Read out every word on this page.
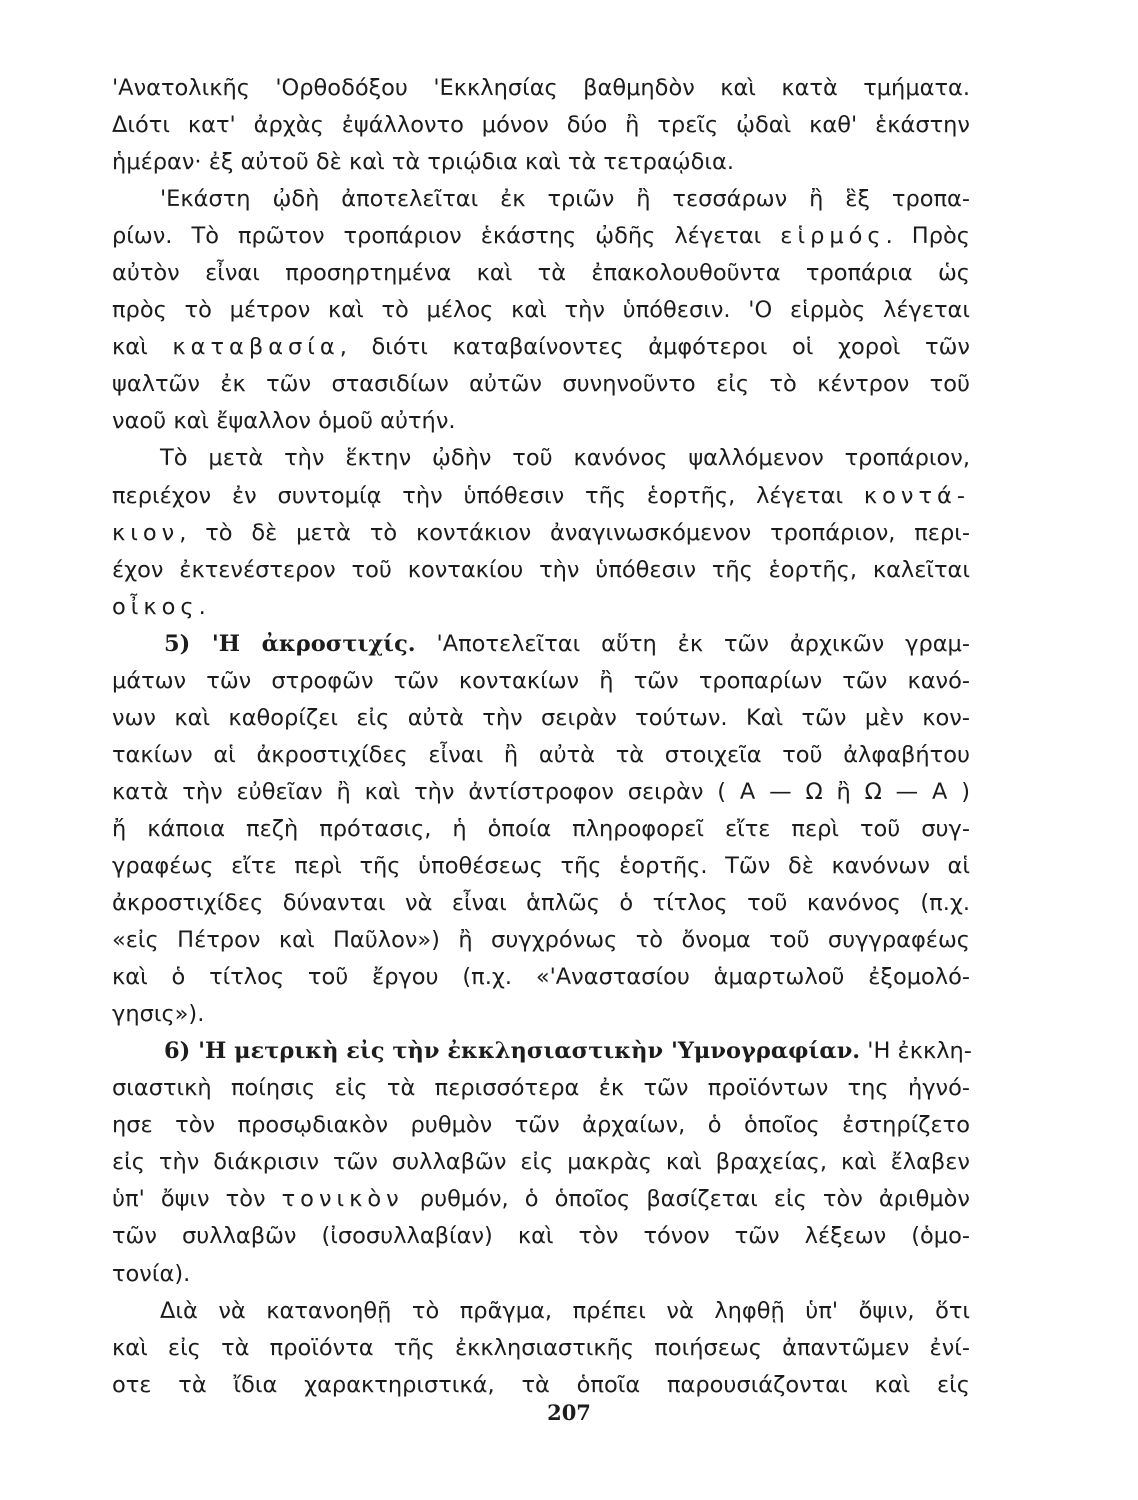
'Ανατολικῆς 'Ορθοδόξου 'Εκκλησίας βαθμηδὸν καὶ κατὰ τμήματα.
Διότι κατ' ἀρχὰς ἐψάλλοντο μόνον δύο ἢ τρεῖς ᾠδαὶ καθ' ἑκάστην
ἡμέραν· ἐξ αὐτοῦ δὲ καὶ τὰ τριῴδια καὶ τὰ τετραῴδια.
'Εκάστη ᾠδὴ ἀποτελεῖται ἐκ τριῶν ἢ τεσσάρων ἢ ἓξ τροπα-
ρίων. Τὸ πρῶτον τροπάριον ἑκάστης ᾠδῆς λέγεται εἱρμός. Πρὸς
αὐτὸν εἶναι προσηρτημένα καὶ τὰ ἐπακολουθοῦντα τροπάρια ὡς
πρὸς τὸ μέτρον καὶ τὸ μέλος καὶ τὴν ὑπόθεσιν. 'Ο εἱρμὸς λέγεται
καὶ καταβασία, διότι καταβαίνοντες ἀμφότεροι οἱ χοροὶ τῶν
ψαλτῶν ἐκ τῶν στασιδίων αὐτῶν συνηνοῦντο εἰς τὸ κέντρον τοῦ
ναοῦ καὶ ἔψαλλον ὁμοῦ αὐτήν.
Τὸ μετὰ τὴν ἕκτην ᾠδὴν τοῦ κανόνος ψαλλόμενον τροπάριον,
περιέχον ἐν συντομίᾳ τὴν ὑπόθεσιν τῆς ἑορτῆς, λέγεται κοντά-
κιον, τὸ δὲ μετὰ τὸ κοντάκιον ἀναγινωσκόμενον τροπάριον, περι-
έχον ἐκτενέστερον τοῦ κοντακίου τὴν ὑπόθεσιν τῆς ἑορτῆς, καλεῖται
οἶκος.
5) 'Η ἀκροστιχίς. 'Αποτελεῖται αὕτη ἐκ τῶν ἀρχικῶν γραμ-
μάτων τῶν στροφῶν τῶν κοντακίων ἢ τῶν τροπαρίων τῶν κανό-
νων καὶ καθορίζει εἰς αὐτὰ τὴν σειρὰν τούτων. Καὶ τῶν μὲν κον-
τακίων αἱ ἀκροστιχίδες εἶναι ἢ αὐτὰ τὰ στοιχεῖα τοῦ ἀλφαβήτου
κατὰ τὴν εὐθεῖαν ἢ καὶ τὴν ἀντίστροφον σειρὰν ( Α — Ω ἢ Ω — Α )
ἤ κάποια πεζὴ πρότασις, ἡ ὁποία πληροφορεῖ εἴτε περὶ τοῦ συγ-
γραφέως εἴτε περὶ τῆς ὑποθέσεως τῆς ἑορτῆς. Τῶν δὲ κανόνων αἱ
ἀκροστιχίδες δύνανται νὰ εἶναι ἁπλῶς ὁ τίτλος τοῦ κανόνος (π.χ.
«εἰς Πέτρον καὶ Παῦλον») ἢ συγχρόνως τὸ ὄνομα τοῦ συγγραφέως
καὶ ὁ τίτλος τοῦ ἔργου (π.χ. «'Αναστασίου ἁμαρτωλοῦ ἐξομολό-
γησις»).
6) 'Η μετρικὴ εἰς τὴν ἐκκλησιαστικὴν 'Υμνογραφίαν. 'Η ἐκκλη-
σιαστικὴ ποίησις εἰς τὰ περισσότερα ἐκ τῶν προϊόντων της ἠγνό-
ησε τὸν προσῳδιακὸν ρυθμὸν τῶν ἀρχαίων, ὁ ὁποῖος ἐστηρίζετο
εἰς τὴν διάκρισιν τῶν συλλαβῶν εἰς μακρὰς καὶ βραχείας, καὶ ἔλαβεν
ὑπ' ὄψιν τὸν τονικὸν ρυθμόν, ὁ ὁποῖος βασίζεται εἰς τὸν ἀριθμὸν
τῶν συλλαβῶν (ἰσοσυλλαβίαν) καὶ τὸν τόνον τῶν λέξεων (ὁμο-
τονία).
Διὰ νὰ κατανοηθῇ τὸ πρᾶγμα, πρέπει νὰ ληφθῇ ὑπ' ὄψιν, ὅτι
καὶ εἰς τὰ προϊόντα τῆς ἐκκλησιαστικῆς ποιήσεως ἀπαντῶμεν ἐνί-
οτε τὰ ἴδια χαρακτηριστικά, τὰ ὁποῖα παρουσιάζονται καὶ εἰς
207
